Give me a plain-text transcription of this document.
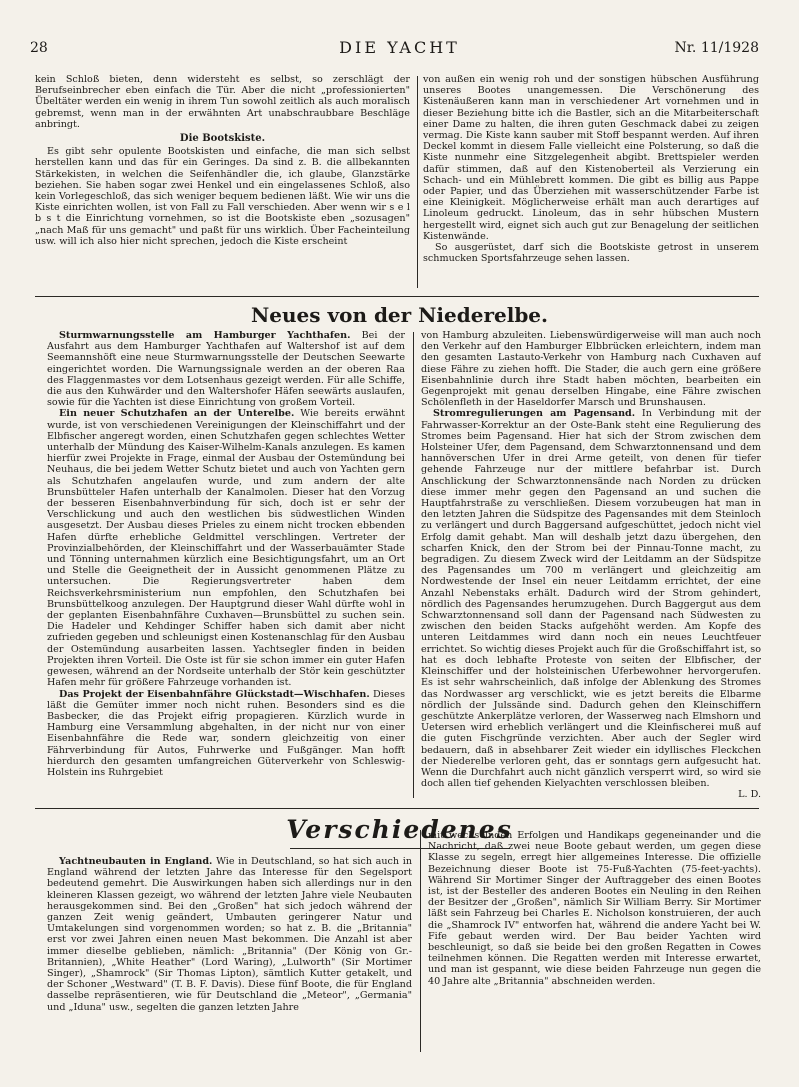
28	DIE YACHT	Nr. 11/1928

kein Schloß bieten, denn widersteht es selbst, so zerschlägt der Berufseinbrecher eben einfach die Tür. Aber die nicht „professionierten" Übeltäter werden ein wenig in ihrem Tun sowohl zeitlich als auch moralisch gebremst, wenn man in der erwähnten Art unabschraubbare Beschläge anbringt.

Die Bootskiste.

Es gibt sehr opulente Bootskisten und einfache, die man sich selbst herstellen kann und das für ein Geringes. Da sind z. B. die allbekannten Stärkekisten, in welchen die Seifenhändler die, ich glaube, Glanzstärke beziehen. Sie haben sogar zwei Henkel und ein eingelassenes Schloß, also kein Vorlegeschloß, das sich weniger bequem bedienen läßt. Wie wir uns die Kiste einrichten wollen, ist von Fall zu Fall verschieden. Aber wenn wir s e l b s t die Einrichtung vornehmen, so ist die Bootskiste eben „sozusagen" „nach Maß für uns gemacht" und paßt für uns wirklich. Über Facheinteilung usw. will ich also hier nicht sprechen, jedoch die Kiste erscheint

von außen ein wenig roh und der sonstigen hübschen Ausführung unseres Bootes unangemessen. Die Verschönerung des Kistenäußeren kann man in verschiedener Art vornehmen und in dieser Beziehung bitte ich die Bastler, sich an die Mitarbeiterschaft einer Dame zu halten, die ihren guten Geschmack dabei zu zeigen vermag. Die Kiste kann sauber mit Stoff bespannt werden. Auf ihren Deckel kommt in diesem Falle vielleicht eine Polsterung, so daß die Kiste nunmehr eine Sitzgelegenheit abgibt. Brettspieler werden dafür stimmen, daß auf den Kistenoberteil als Verzierung ein Schach- und ein Mühlebrett kommen. Die gibt es billig aus Pappe oder Papier, und das Überziehen mit wasserschützender Farbe ist eine Kleinigkeit. Möglicherweise erhält man auch derartiges auf Linoleum gedruckt. Linoleum, das in sehr hübschen Mustern hergestellt wird, eignet sich auch gut zur Benagelung der seitlichen Kistenwände.

So ausgerüstet, darf sich die Bootskiste getrost in unserem schmucken Sportsfahrzeuge sehen lassen.

Neues von der Niederelbe.

Sturmwarnungsstelle am Hamburger Yachthafen. Bei der Ausfahrt aus dem Hamburger Yachthafen auf Waltershof ist auf dem Seemannshöft eine neue Sturmwarnungsstelle der Deutschen Seewarte eingerichtet worden. Die Warnungssignale werden an der oberen Raa des Flaggenmastes vor dem Lotsenhaus gezeigt werden. Für alle Schiffe, die aus den Kuhwärder und den Waltershofer Häfen seewärts auslaufen, sowie für die Yachten ist diese Einrichtung von großem Vorteil.

Ein neuer Schutzhafen an der Unterelbe. Wie bereits erwähnt wurde, ist von verschiedenen Vereinigungen der Kleinschiffahrt und der Elbfischer angeregt worden, einen Schutzhafen gegen schlechtes Wetter unterhalb der Mündung des Kaiser-Wilhelm-Kanals anzulegen. Es kamen hierfür zwei Projekte in Frage, einmal der Ausbau der Ostemündung bei Neuhaus, die bei jedem Wetter Schutz bietet und auch von Yachten gern als Schutzhafen angelaufen wurde, und zum andern der alte Brunsbütteler Hafen unterhalb der Kanalmolen. Dieser hat den Vorzug der besseren Eisenbahnverbindung für sich, doch ist er sehr der Verschlickung und auch den westlichen bis südwestlichen Winden ausgesetzt. Der Ausbau dieses Prieles zu einem nicht trocken ebbenden Hafen dürfte erhebliche Geldmittel verschlingen. Vertreter der Provinzialbehörden, der Kleinschiffahrt und der Wasserbauämter Stade und Tönning unternahmen kürzlich eine Besichtigungsfahrt, um an Ort und Stelle die Geeignetheit der in Aussicht genommenen Plätze zu untersuchen. Die Regierungsvertreter haben dem Reichsverkehrsministerium nun empfohlen, den Schutzhafen bei Brunsbüttelkoog anzulegen. Der Hauptgrund dieser Wahl dürfte wohl in der geplanten Eisenbahnfähre Cuxhaven—Brunsbüttel zu suchen sein. Die Hadeler und Kehdinger Schiffer haben sich damit aber nicht zufrieden gegeben und schleunigst einen Kostenanschlag für den Ausbau der Ostemündung ausarbeiten lassen. Yachtsegler finden in beiden Projekten ihren Vorteil. Die Oste ist für sie schon immer ein guter Hafen gewesen, während an der Nordseite unterhalb der Stör kein geschützter Hafen mehr für größere Fahrzeuge vorhanden ist.

Das Projekt der Eisenbahnfähre Glückstadt—Wischhafen. Dieses läßt die Gemüter immer noch nicht ruhen. Besonders sind es die Basbecker, die das Projekt eifrig propagieren. Kürzlich wurde in Hamburg eine Versammlung abgehalten, in der nicht nur von einer Eisenbahnfähre die Rede war, sondern gleichzeitig von einer Fährverbindung für Autos, Fuhrwerke und Fußgänger. Man hofft hierdurch den gesamten umfangreichen Güterverkehr von Schleswig-Holstein ins Ruhrgebiet

von Hamburg abzuleiten. Liebenswürdigerweise will man auch noch den Verkehr auf den Hamburger Elbbrücken erleichtern, indem man den gesamten Lastauto-Verkehr von Hamburg nach Cuxhaven auf diese Fähre zu ziehen hofft. Die Stader, die auch gern eine größere Eisenbahnlinie durch ihre Stadt haben möchten, bearbeiten ein Gegenprojekt mit genau derselben Hingabe, eine Fähre zwischen Schölenfleth in der Haseldorfer Marsch und Brunshausen.

Stromregulierungen am Pagensand. In Verbindung mit der Fahrwasser-Korrektur an der Oste-Bank steht eine Regulierung des Stromes beim Pagensand. Hier hat sich der Strom zwischen dem Holsteiner Ufer, dem Pagensand, dem Schwarztonnensand und dem hannöverschen Ufer in drei Arme geteilt, von denen für tiefer gehende Fahrzeuge nur der mittlere befahrbar ist. Durch Anschlickung der Schwarztonnensände nach Norden zu drücken diese immer mehr gegen den Pagensand an und suchen die Hauptfahrstraße zu verschließen. Diesem vorzubeugen hat man in den letzten Jahren die Südspitze des Pagensandes mit dem Steinloch zu verlängert und durch Baggersand aufgeschüttet, jedoch nicht viel Erfolg damit gehabt. Man will deshalb jetzt dazu übergehen, den scharfen Knick, den der Strom bei der Pinnau-Tonne macht, zu begradigen. Zu diesem Zweck wird der Leitdamm an der Südspitze des Pagensandes um 700 m verlängert und gleichzeitig am Nordwestende der Insel ein neuer Leitdamm errichtet, der eine Anzahl Nebenstaks erhält. Dadurch wird der Strom gehindert, nördlich des Pagensandes herumzugehen. Durch Baggergut aus dem Schwarztonnensand soll dann der Pagensand nach Südwesten zu zwischen den beiden Stacks aufgehöht werden. Am Kopfe des unteren Leitdammes wird dann noch ein neues Leuchtfeuer errichtet. So wichtig dieses Projekt auch für die Großschiffahrt ist, so hat es doch lebhafte Proteste von seiten der Elbfischer, der Kleinschiffer und der holsteinischen Uferbewohner hervorgerufen. Es ist sehr wahrscheinlich, daß infolge der Ablenkung des Stromes das Nordwasser arg verschlickt, wie es jetzt bereits die Elbarme nördlich der Julssände sind. Dadurch gehen den Kleinschiffern geschützte Ankerplätze verloren, der Wasserweg nach Elmshorn und Uetersen wird erheblich verlängert und die Kleinfischerei muß auf die guten Fischgründe verzichten. Aber auch der Segler wird bedauern, daß in absehbarer Zeit wieder ein idyllisches Fleckchen der Niederelbe verloren geht, das er sonntags gern aufgesucht hat. Wenn die Durchfahrt auch nicht gänzlich versperrt wird, so wird sie doch allen tief gehenden Kielyachten verschlossen bleiben.

L. D.
Verschiedenes

Yachtneubauten in England. Wie in Deutschland, so hat sich auch in England während der letzten Jahre das Interesse für den Segelsport bedeutend gemehrt. Die Auswirkungen haben sich allerdings nur in den kleineren Klassen gezeigt, wo während der letzten Jahre viele Neubauten herausgekommen sind. Bei den „Großen" hat sich jedoch während der ganzen Zeit wenig geändert, Umbauten geringerer Natur und Umtakelungen sind vorgenommen worden; so hat z. B. die „Britannia" erst vor zwei Jahren einen neuen Mast bekommen. Die Anzahl ist aber immer dieselbe geblieben, nämlich: „Britannia" (Der König von Gr.-Britannien), „White Heather" (Lord Waring), „Lulworth" (Sir Mortimer Singer), „Shamrock" (Sir Thomas Lipton), sämtlich Kutter getakelt, und der Schoner „Westward" (T. B. F. Davis). Diese fünf Boote, die für England dasselbe repräsentieren, wie für Deutschland die „Meteor", „Germania" und „Iduna" usw., segelten die ganzen letzten Jahre

mit wechselnden Erfolgen und Handikaps gegeneinander und die Nachricht, daß zwei neue Boote gebaut werden, um gegen diese Klasse zu segeln, erregt hier allgemeines Interesse. Die offizielle Bezeichnung dieser Boote ist 75-Fuß-Yachten (75-feet-yachts). Während Sir Mortimer Singer der Auftraggeber des einen Bootes ist, ist der Besteller des anderen Bootes ein Neuling in den Reihen der Besitzer der „Großen", nämlich Sir William Berry. Sir Mortimer läßt sein Fahrzeug bei Charles E. Nicholson konstruieren, der auch die „Shamrock IV" entworfen hat, während die andere Yacht bei W. Fife gebaut werden wird. Der Bau beider Yachten wird beschleunigt, so daß sie beide bei den großen Regatten in Cowes teilnehmen können. Die Regatten werden mit Interesse erwartet, und man ist gespannt, wie diese beiden Fahrzeuge nun gegen die 40 Jahre alte „Britannia" abschneiden werden.
